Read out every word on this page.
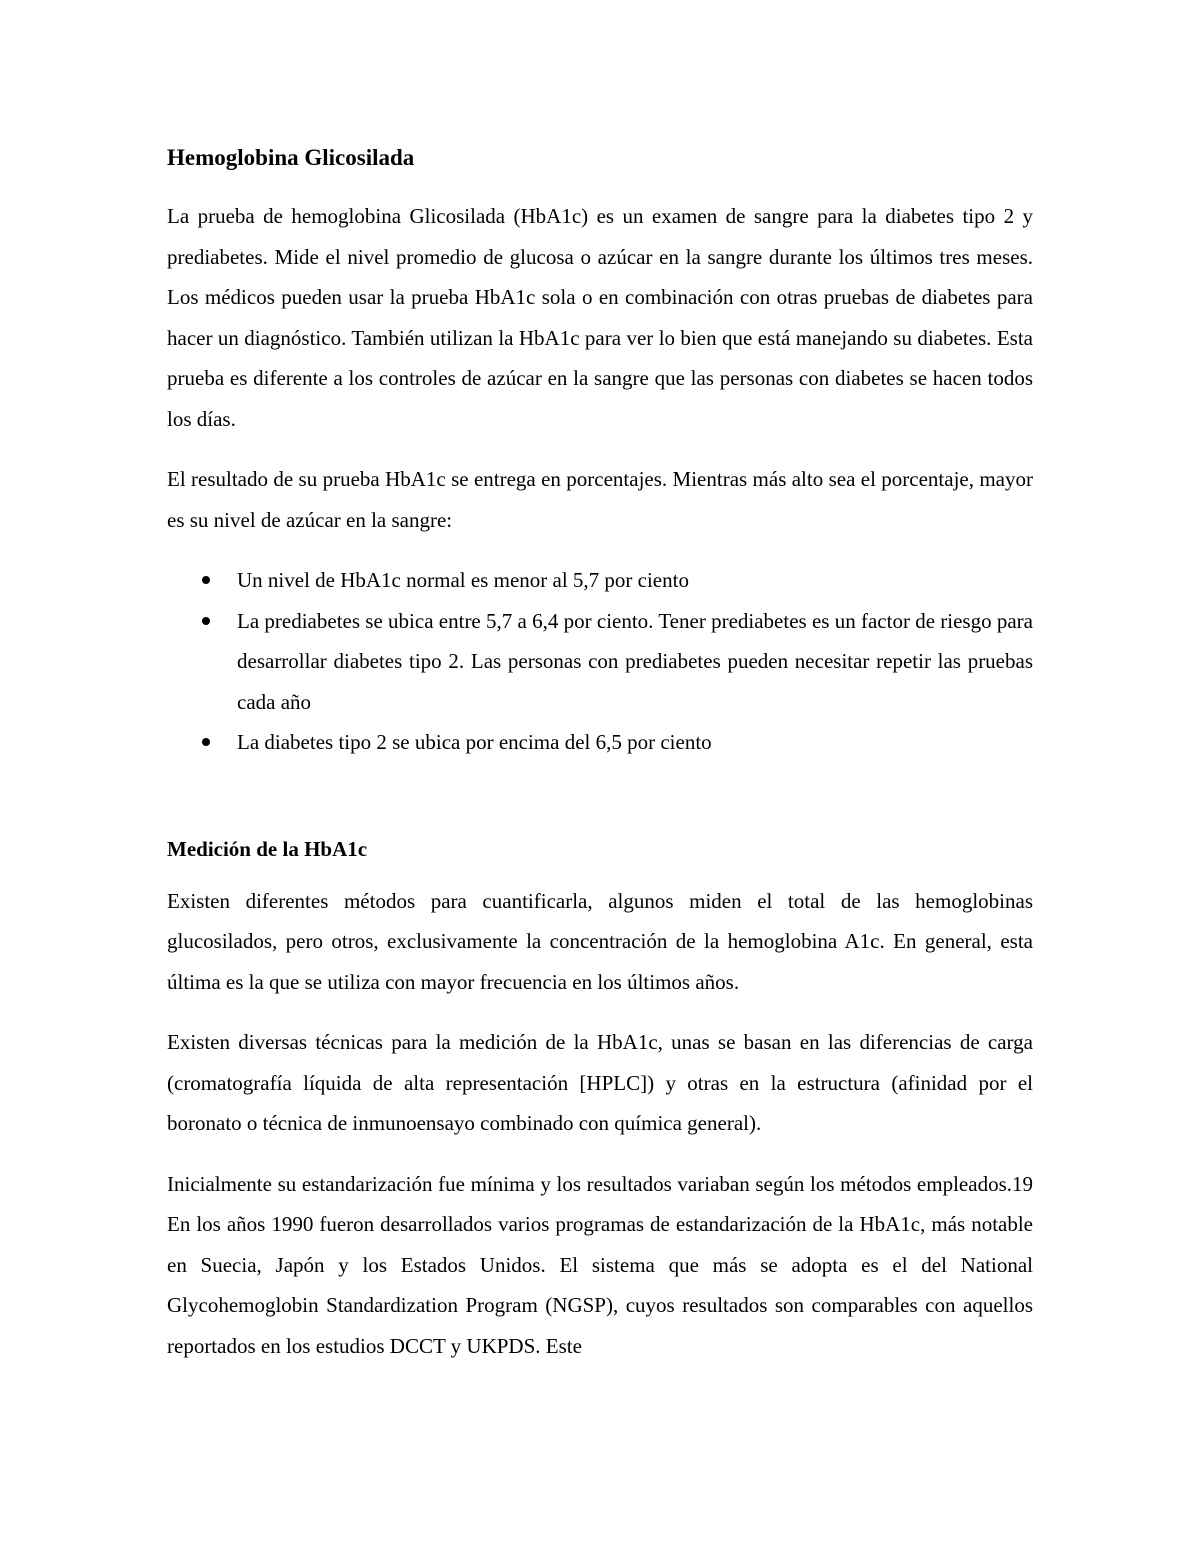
Hemoglobina Glicosilada

La prueba de hemoglobina Glicosilada (HbA1c) es un examen de sangre para la diabetes tipo 2 y prediabetes. Mide el nivel promedio de glucosa o azúcar en la sangre durante los últimos tres meses. Los médicos pueden usar la prueba HbA1c sola o en combinación con otras pruebas de diabetes para hacer un diagnóstico. También utilizan la HbA1c para ver lo bien que está manejando su diabetes. Esta prueba es diferente a los controles de azúcar en la sangre que las personas con diabetes se hacen todos los días.

El resultado de su prueba HbA1c se entrega en porcentajes. Mientras más alto sea el porcentaje, mayor es su nivel de azúcar en la sangre:

Un nivel de HbA1c normal es menor al 5,7 por ciento
La prediabetes se ubica entre 5,7 a 6,4 por ciento. Tener prediabetes es un factor de riesgo para desarrollar diabetes tipo 2. Las personas con prediabetes pueden necesitar repetir las pruebas cada año
La diabetes tipo 2 se ubica por encima del 6,5 por ciento
Medición de la HbA1c

Existen diferentes métodos para cuantificarla, algunos miden el total de las hemoglobinas glucosilados, pero otros, exclusivamente la concentración de la hemoglobina A1c. En general, esta última es la que se utiliza con mayor frecuencia en los últimos años.

Existen diversas técnicas para la medición de la HbA1c, unas se basan en las diferencias de carga (cromatografía líquida de alta representación [HPLC]) y otras en la estructura (afinidad por el boronato o técnica de inmunoensayo combinado con química general).

Inicialmente su estandarización fue mínima y los resultados variaban según los métodos empleados.19 En los años 1990 fueron desarrollados varios programas de estandarización de la HbA1c, más notable en Suecia, Japón y los Estados Unidos. El sistema que más se adopta es el del National Glycohemoglobin Standardization Program (NGSP), cuyos resultados son comparables con aquellos reportados en los estudios DCCT y UKPDS. Este
